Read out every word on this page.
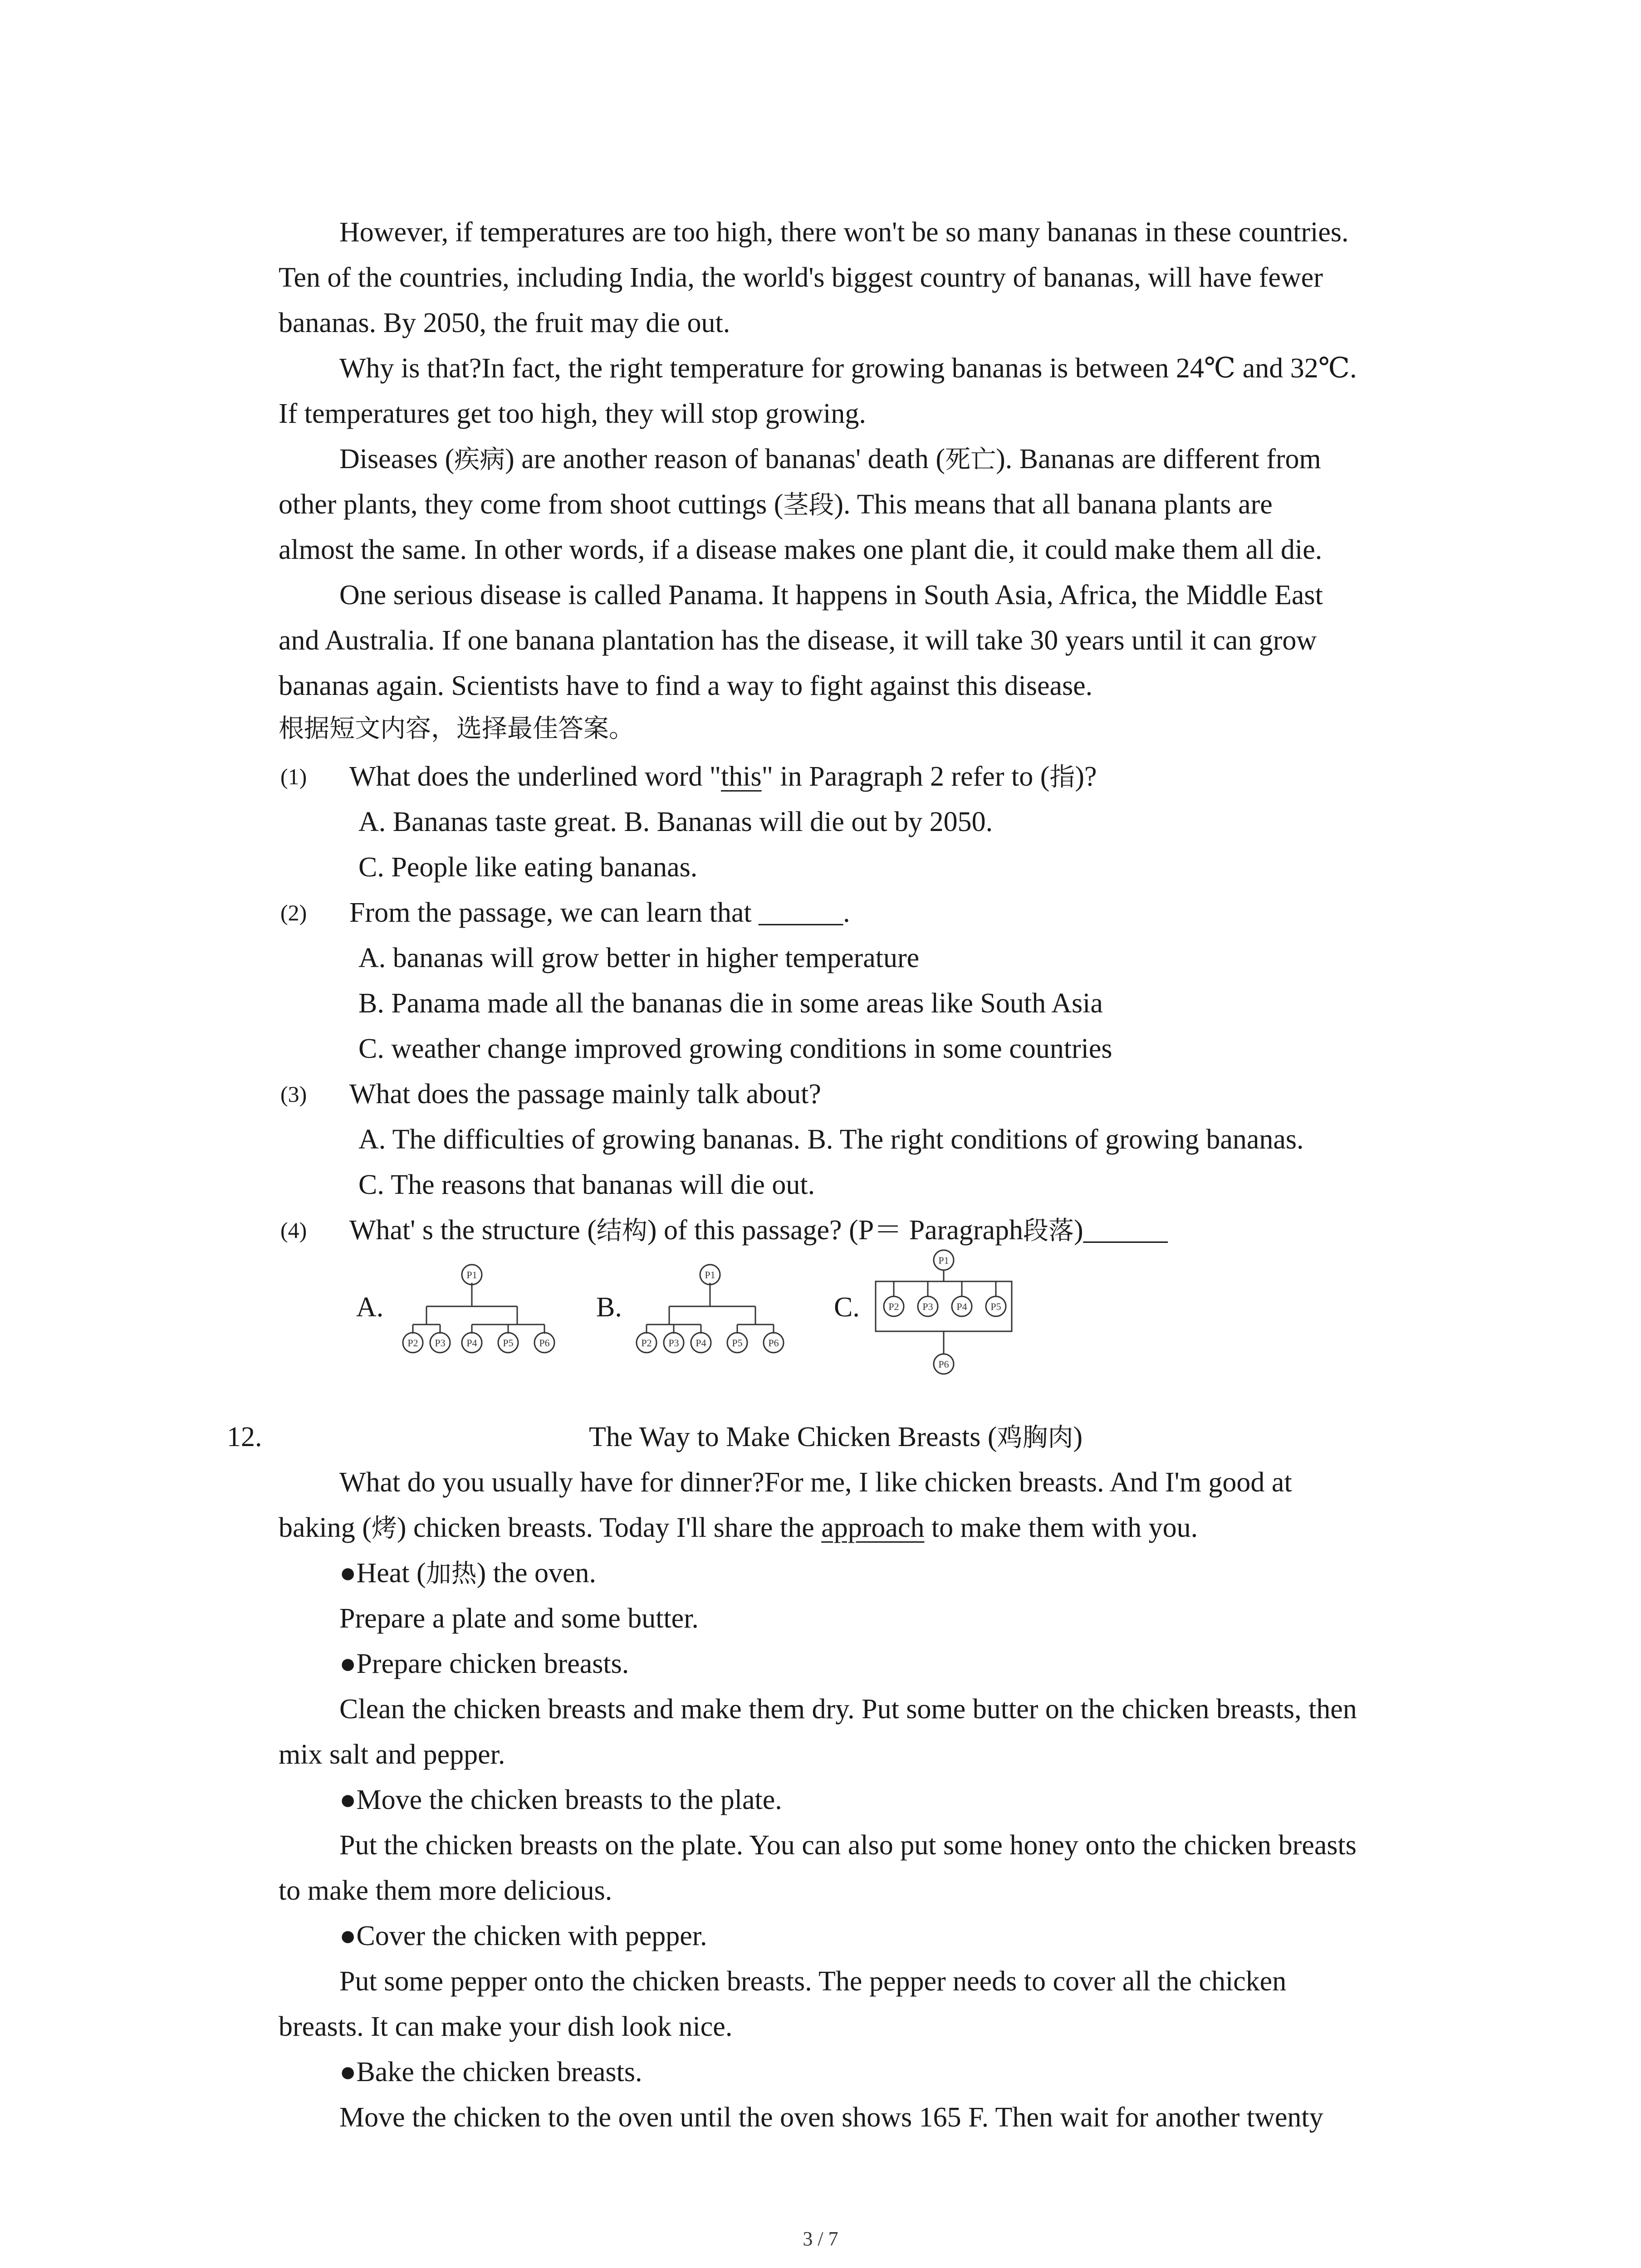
However, if temperatures are too high, there won't be so many bananas in these countries.
Ten of the countries, including India, the world's biggest country of bananas, will have fewer
bananas. By 2050, the fruit may die out.
Why is that?In fact, the right temperature for growing bananas is between 24℃ and 32℃.
If temperatures get too high, they will stop growing.
Diseases (疾病) are another reason of bananas' death (死亡). Bananas are different from
other plants, they come from shoot cuttings (茎段). This means that all banana plants are
almost the same. In other words, if a disease makes one plant die, it could make them all die.
One serious disease is called Panama. It happens in South Asia, Africa, the Middle East
and Australia. If one banana plantation has the disease, it will take 30 years until it can grow
bananas again. Scientists have to find a way to fight against this disease.
根据短文内容，选择最佳答案。
(1) What does the underlined word "this" in Paragraph 2 refer to (指)?
A. Bananas taste great. B. Bananas will die out by 2050.
C. People like eating bananas.
(2) From the passage, we can learn that ______.
A. bananas will grow better in higher temperature
B. Panama made all the bananas die in some areas like South Asia
C. weather change improved growing conditions in some countries
(3) What does the passage mainly talk about?
A. The difficulties of growing bananas. B. The right conditions of growing bananas.
C. The reasons that bananas will die out.
(4) What' s the structure (结构) of this passage? (P＝ Paragraph段落)______
A.	B.	C.
P1
P2 P3 P4	P5	P6
P1
P2 P3 P4	P5	P6
P1
P2 P3 P4 P5
P6
12.	The Way to Make Chicken Breasts (鸡胸肉)
What do you usually have for dinner?For me, I like chicken breasts. And I'm good at
baking (烤) chicken breasts. Today I'll share the approach to make them with you.
●Heat (加热) the oven.
Prepare a plate and some butter.
●Prepare chicken breasts.
Clean the chicken breasts and make them dry. Put some butter on the chicken breasts, then
mix salt and pepper.
●Move the chicken breasts to the plate.
Put the chicken breasts on the plate. You can also put some honey onto the chicken breasts
to make them more delicious.
●Cover the chicken with pepper.
Put some pepper onto the chicken breasts. The pepper needs to cover all the chicken
breasts. It can make your dish look nice.
●Bake the chicken breasts.
Move the chicken to the oven until the oven shows 165 F. Then wait for another twenty
3 / 7
